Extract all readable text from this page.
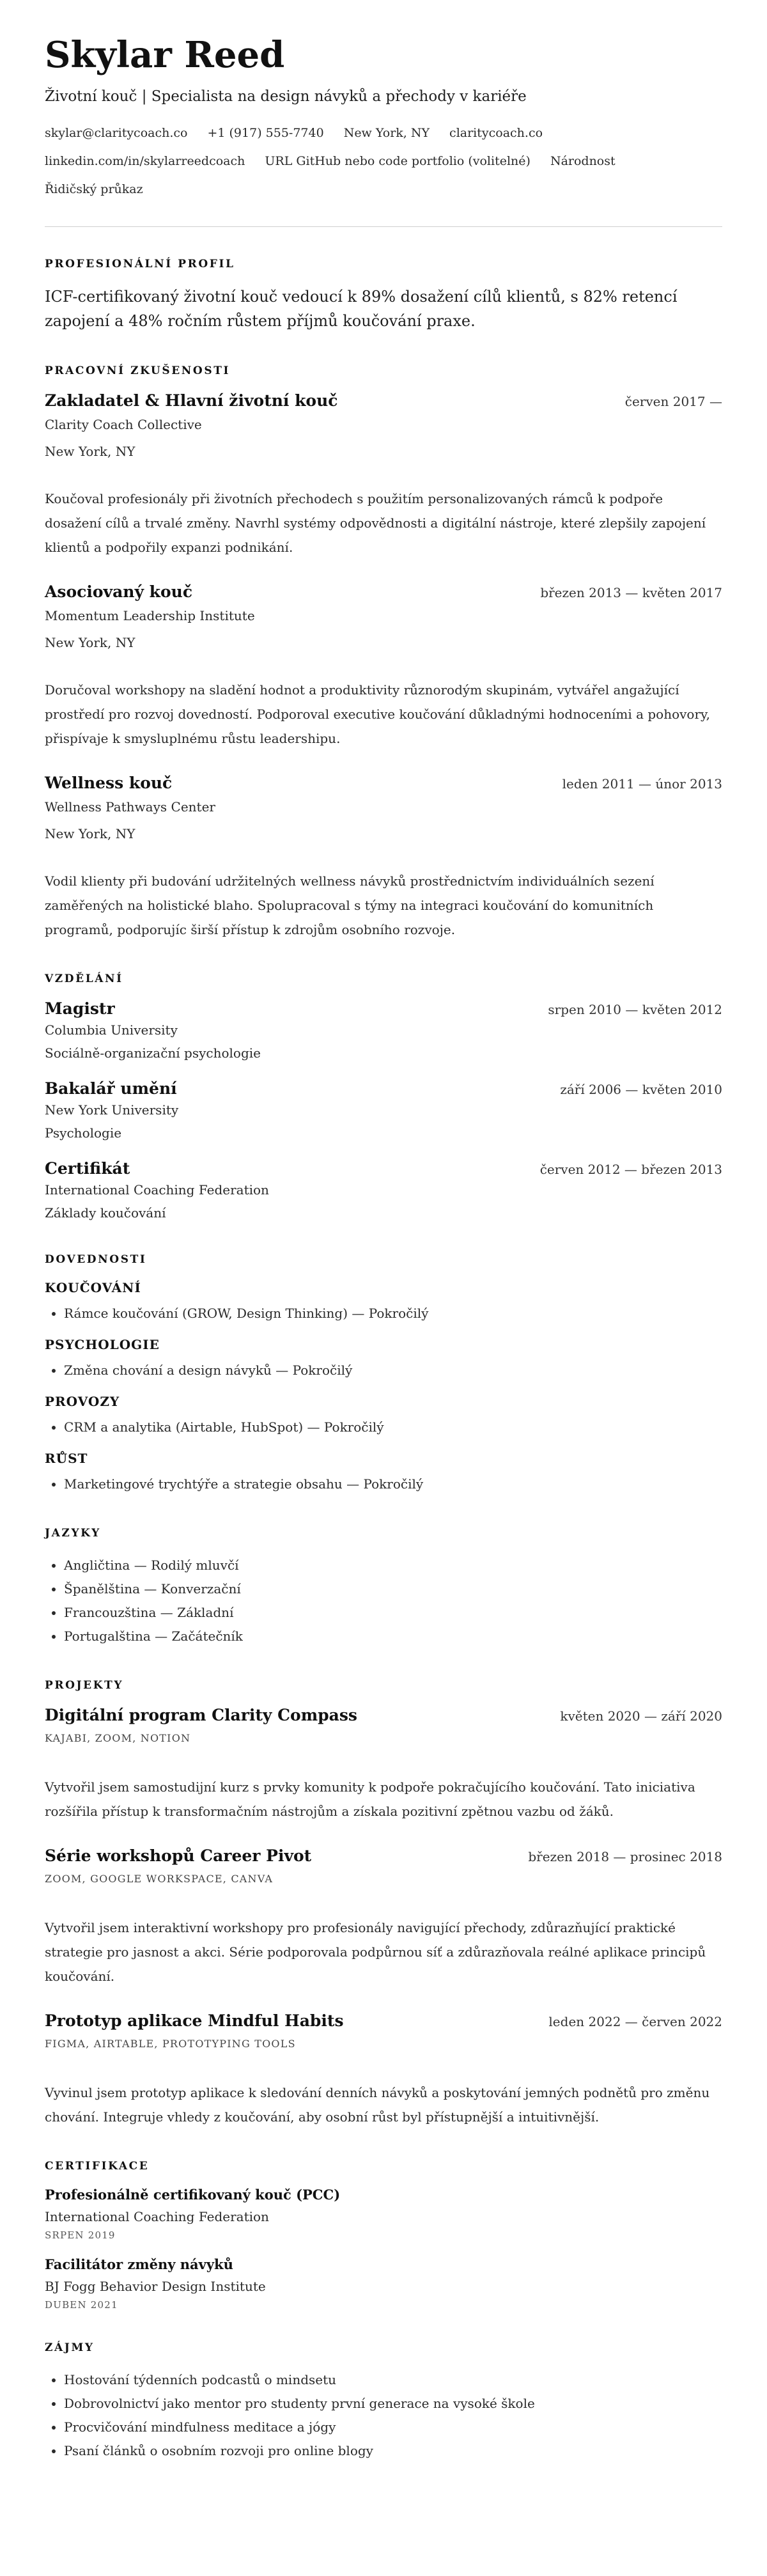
Skylar Reed
Životní kouč | Specialista na design návyků a přechody v kariéře
skylar@claritycoach.co +1 (917) 555-7740 New York, NY claritycoach.co
linkedin.com/in/skylarreedcoach URL GitHub nebo code portfolio (volitelné) Národnost
Řidičský průkaz
PROFESIONÁLNÍ PROFIL
ICF-certifikovaný životní kouč vedoucí k 89% dosažení cílů klientů, s 82% retencí zapojení a 48% ročním růstem příjmů koučování praxe.
PRACOVNÍ ZKUŠENOSTI
Zakladatel & Hlavní životní kouč	červen 2017 —
Clarity Coach Collective
New York, NY
Koučoval profesionály při životních přechodech s použitím personalizovaných rámců k podpoře dosažení cílů a trvalé změny. Navrhl systémy odpovědnosti a digitální nástroje, které zlepšily zapojení klientů a podpořily expanzi podnikání.
Asociovaný kouč	březen 2013 — květen 2017
Momentum Leadership Institute
New York, NY
Doručoval workshopy na sladění hodnot a produktivity různorodým skupinám, vytvářel angažující prostředí pro rozvoj dovedností. Podporoval executive koučování důkladnými hodnoceními a pohovory, přispívaje k smysluplnému růstu leadershipu.
Wellness kouč	leden 2011 — únor 2013
Wellness Pathways Center
New York, NY
Vodil klienty při budování udržitelných wellness návyků prostřednictvím individuálních sezení zaměřených na holistické blaho. Spolupracoval s týmy na integraci koučování do komunitních programů, podporujíc širší přístup k zdrojům osobního rozvoje.
VZDĚLÁNÍ
Magistr	srpen 2010 — květen 2012
Columbia University
Sociálně-organizační psychologie
Bakalář umění	září 2006 — květen 2010
New York University
Psychologie
Certifikát	červen 2012 — březen 2013
International Coaching Federation
Základy koučování
DOVEDNOSTI
KOUČOVÁNÍ
• Rámce koučování (GROW, Design Thinking) — Pokročilý
PSYCHOLOGIE
• Změna chování a design návyků — Pokročilý
PROVOZY
• CRM a analytika (Airtable, HubSpot) — Pokročilý
RŮST
• Marketingové trychtýře a strategie obsahu — Pokročilý
JAZYKY
• Angličtina — Rodilý mluvčí
• Španělština — Konverzační
• Francouzština — Základní
• Portugalština — Začátečník
PROJEKTY
Digitální program Clarity Compass	květen 2020 — září 2020
KAJABI, ZOOM, NOTION
Vytvořil jsem samostudijní kurz s prvky komunity k podpoře pokračujícího koučování. Tato iniciativa rozšířila přístup k transformačním nástrojům a získala pozitivní zpětnou vazbu od žáků.
Série workshopů Career Pivot	březen 2018 — prosinec 2018
ZOOM, GOOGLE WORKSPACE, CANVA
Vytvořil jsem interaktivní workshopy pro profesionály navigující přechody, zdůrazňující praktické strategie pro jasnost a akci. Série podporovala podpůrnou síť a zdůrazňovala reálné aplikace principů koučování.
Prototyp aplikace Mindful Habits	leden 2022 — červen 2022
FIGMA, AIRTABLE, PROTOTYPING TOOLS
Vyvinul jsem prototyp aplikace k sledování denních návyků a poskytování jemných podnětů pro změnu chování. Integruje vhledy z koučování, aby osobní růst byl přístupnější a intuitivnější.
CERTIFIKACE
Profesionálně certifikovaný kouč (PCC)
International Coaching Federation
SRPEN 2019
Facilitátor změny návyků
BJ Fogg Behavior Design Institute
DUBEN 2021
ZÁJMY
• Hostování týdenních podcastů o mindsetu
• Dobrovolnictví jako mentor pro studenty první generace na vysoké škole
• Procvičování mindfulness meditace a jógy
• Psaní článků o osobním rozvoji pro online blogy
